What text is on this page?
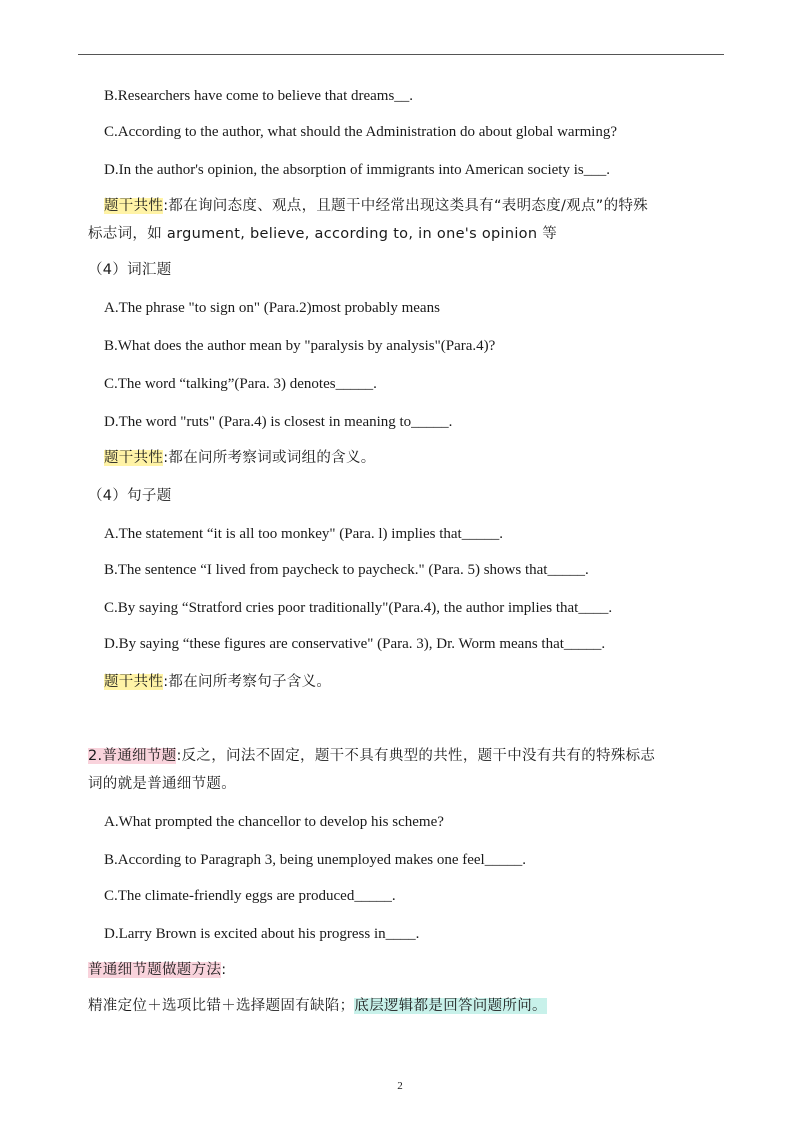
B.Researchers have come to believe that dreams__.
C.According to the author, what should the Administration do about global warming?
D.In the author's opinion, the absorption of immigrants into American society is___.
题干共性:都在询问态度、观点，且题干中经常出现这类具有“表明态度/观点”的特殊
标志词，如 argument, believe, according to, in one's opinion 等
（4）词汇题
A.The phrase "to sign on" (Para.2)most probably means
B.What does the author mean by "paralysis by analysis"(Para.4)?
C.The word “talking”(Para. 3) denotes_____.
D.The word "ruts" (Para.4) is closest in meaning to_____.
题干共性:都在问所考察词或词组的含义。
（4）句子题
A.The statement “it is all too monkey" (Para. l) implies that_____.
B.The sentence “I lived from paycheck to paycheck." (Para. 5) shows that_____.
C.By saying “Stratford cries poor traditionally"(Para.4), the author implies that____.
D.By saying “these figures are conservative" (Para. 3), Dr. Worm means that_____.
题干共性:都在问所考察句子含义。
2.普通细节题:反之，问法不固定，题干不具有典型的共性，题干中没有共有的特殊标志
词的就是普通细节题。
A.What prompted the chancellor to develop his scheme?
B.According to Paragraph 3, being unemployed makes one feel_____.
C.The climate-friendly eggs are produced_____.
D.Larry Brown is excited about his progress in____.
普通细节题做题方法:
精准定位＋选项比错＋选择题固有缺陷；底层逻辑都是回答问题所问。
2
